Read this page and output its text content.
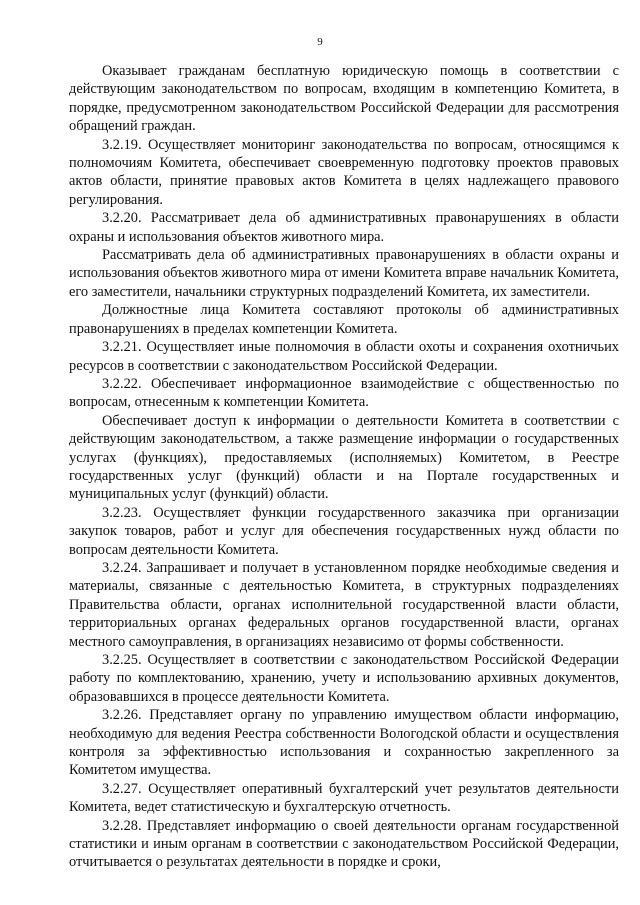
9

Оказывает гражданам бесплатную юридическую помощь в соответствии с действующим законодательством по вопросам, входящим в компетенцию Комитета, в порядке, предусмотренном законодательством Российской Федерации для рассмотрения обращений граждан.

3.2.19. Осуществляет мониторинг законодательства по вопросам, относящимся к полномочиям Комитета, обеспечивает своевременную подготовку проектов правовых актов области, принятие правовых актов Комитета в целях надлежащего правового регулирования.

3.2.20. Рассматривает дела об административных правонарушениях в области охраны и использования объектов животного мира.

Рассматривать дела об административных правонарушениях в области охраны и использования объектов животного мира от имени Комитета вправе начальник Комитета, его заместители, начальники структурных подразделений Комитета, их заместители.

Должностные лица Комитета составляют протоколы об административных правонарушениях в пределах компетенции Комитета.

3.2.21. Осуществляет иные полномочия в области охоты и сохранения охотничьих ресурсов в соответствии с законодательством Российской Федерации.

3.2.22. Обеспечивает информационное взаимодействие с общественностью по вопросам, отнесенным к компетенции Комитета.

Обеспечивает доступ к информации о деятельности Комитета в соответствии с действующим законодательством, а также размещение информации о государственных услугах (функциях), предоставляемых (исполняемых) Комитетом, в Реестре государственных услуг (функций) области и на Портале государственных и муниципальных услуг (функций) области.

3.2.23. Осуществляет функции государственного заказчика при организации закупок товаров, работ и услуг для обеспечения государственных нужд области по вопросам деятельности Комитета.

3.2.24. Запрашивает и получает в установленном порядке необходимые сведения и материалы, связанные с деятельностью Комитета, в структурных подразделениях Правительства области, органах исполнительной государственной власти области, территориальных органах федеральных органов государственной власти, органах местного самоуправления, в организациях независимо от формы собственности.

3.2.25. Осуществляет в соответствии с законодательством Российской Федерации работу по комплектованию, хранению, учету и использованию архивных документов, образовавшихся в процессе деятельности Комитета.

3.2.26. Представляет органу по управлению имуществом области информацию, необходимую для ведения Реестра собственности Вологодской области и осуществления контроля за эффективностью использования и сохранностью закрепленного за Комитетом имущества.

3.2.27. Осуществляет оперативный бухгалтерский учет результатов деятельности Комитета, ведет статистическую и бухгалтерскую отчетность.

3.2.28. Представляет информацию о своей деятельности органам государственной статистики и иным органам в соответствии с законодательством Российской Федерации, отчитывается о результатах деятельности в порядке и сроки,
